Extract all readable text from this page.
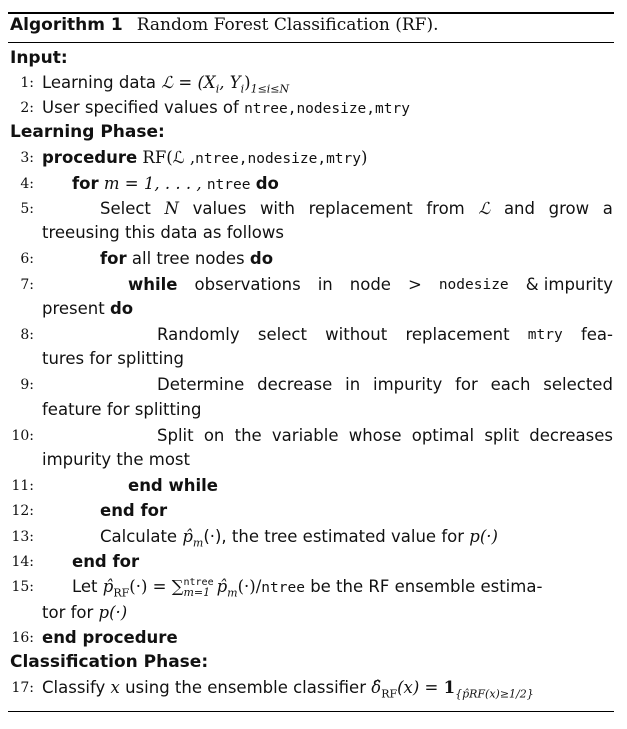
Algorithm 1 Random Forest Classification (RF).
Input:
1: Learning data ℒ = ($X_i$, $Y_i)_{1\le i\le N}$
2: User specified values of ntree,nodesize,mtry
Learning Phase:
3: procedure RF(ℒ ,ntree,nodesize,mtry)
4: for m = 1, . . . , ntree do
5:	Select N values with replacement from ℒ and grow a
treeusing this data as follows
6:	for all tree nodes do
7:	while observations in node > nodesize & impurity
present do
8:	Randomly select without replacement mtry fea-
tures for splitting
9:	Determine decrease in impurity for each selected
feature for splitting
10:	Split on the variable whose optimal split decreases
impurity the most
11:	end while
12:	end for
13:	Calculate $p̂_m(\cdot)$, the tree estimated value for p(·)
14: end for
15: Let $p̂_{RF}(\cdot)$ = ∑ ntree
m=1 $p̂_m(\cdot)$/ntree be the RF ensemble estima-
tor for p(·)
16: end procedure
Classification Phase:
17: Classify x using the ensemble classifier $\deltâ_{RF}(x) = 1_{\{p̂RF(x)\ge 1/2\}}$
